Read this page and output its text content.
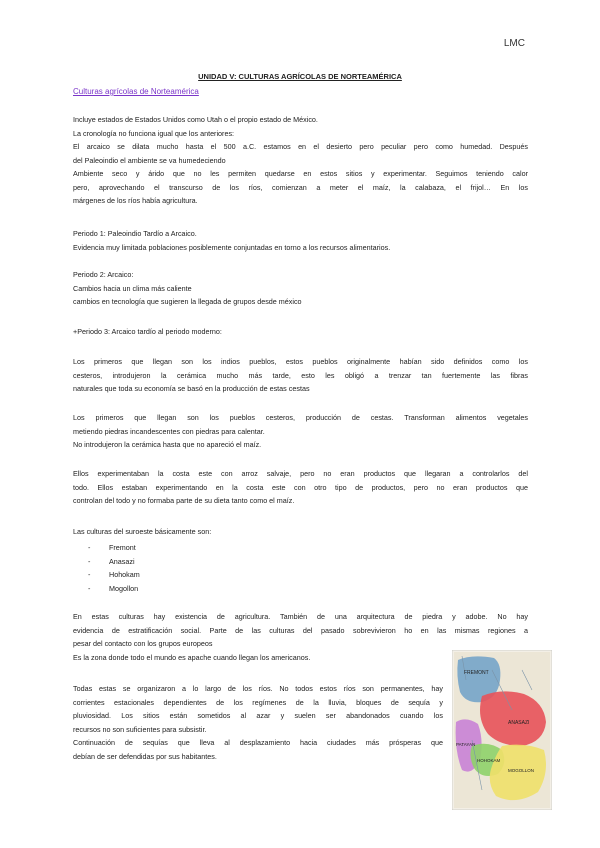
LMC
UNIDAD V: CULTURAS AGRÍCOLAS DE NORTEAMÉRICA
Culturas agrícolas de Norteamérica
Incluye estados de Estados Unidos como Utah o el propio estado de México.
La cronología no funciona igual que los anteriores:
El arcaico se dilata mucho hasta el 500 a.C. estamos en el desierto pero peculiar pero como humedad. Después
del Paleoindio el ambiente se va humedeciendo
Ambiente seco y árido que no les permiten quedarse en estos sitios y experimentar. Seguimos teniendo calor
pero, aprovechando el transcurso de los ríos, comienzan a meter el maíz, la calabaza, el frijol… En los
márgenes de los ríos había agricultura.
Periodo 1: Paleoindio Tardío a Arcaico.
Evidencia muy limitada poblaciones posiblemente conjuntadas en torno a los recursos alimentarios.
Periodo 2: Arcaico:
Cambios hacia un clima más caliente
cambios en tecnología que sugieren la llegada de grupos desde méxico
+Periodo 3: Arcaico tardío al periodo moderno:
Los primeros que llegan son los indios pueblos, estos pueblos originalmente habían sido definidos como los
cesteros, introdujeron la cerámica mucho más tarde, esto les obligó a trenzar tan fuertemente las fibras
naturales que toda su economía se basó en la producción de estas cestas
Los primeros que llegan son los pueblos cesteros, producción de cestas. Transforman alimentos vegetales
metiendo piedras incandescentes con piedras para calentar.
No introdujeron la cerámica hasta que no apareció el maíz.
Ellos experimentaban la costa este con arroz salvaje, pero no eran productos que llegaran a controlarlos del
todo. Ellos estaban experimentando en la costa este con otro tipo de productos, pero no eran productos que
controlan del todo y no formaba parte de su dieta tanto como el maíz.
Las culturas del suroeste básicamente son:
- Fremont
- Anasazi
- Hohokam
- Mogollon
En estas culturas hay existencia de agricultura. También de una arquitectura de piedra y adobe. No hay
evidencia de estratificación social. Parte de las culturas del pasado sobrevivieron ho en las mismas regiones a
pesar del contacto con los grupos europeos
Es la zona donde todo el mundo es apache cuando llegan los americanos.
Todas estas se organizaron a lo largo de los ríos. No todos estos ríos son permanentes, hay
corrientes estacionales dependientes de los regímenes de la lluvia, bloques de sequía y
pluviosidad. Los sitios están sometidos al azar y suelen ser abandonados cuando los
recursos no son suficientes para subsistir.
Continuación de sequías que lleva al desplazamiento hacia ciudades más prósperas que
debían de ser defendidas por sus habitantes.
FREMONT
ANASAZI
PATAYAN
HOHOKAM
MOGOLLON
